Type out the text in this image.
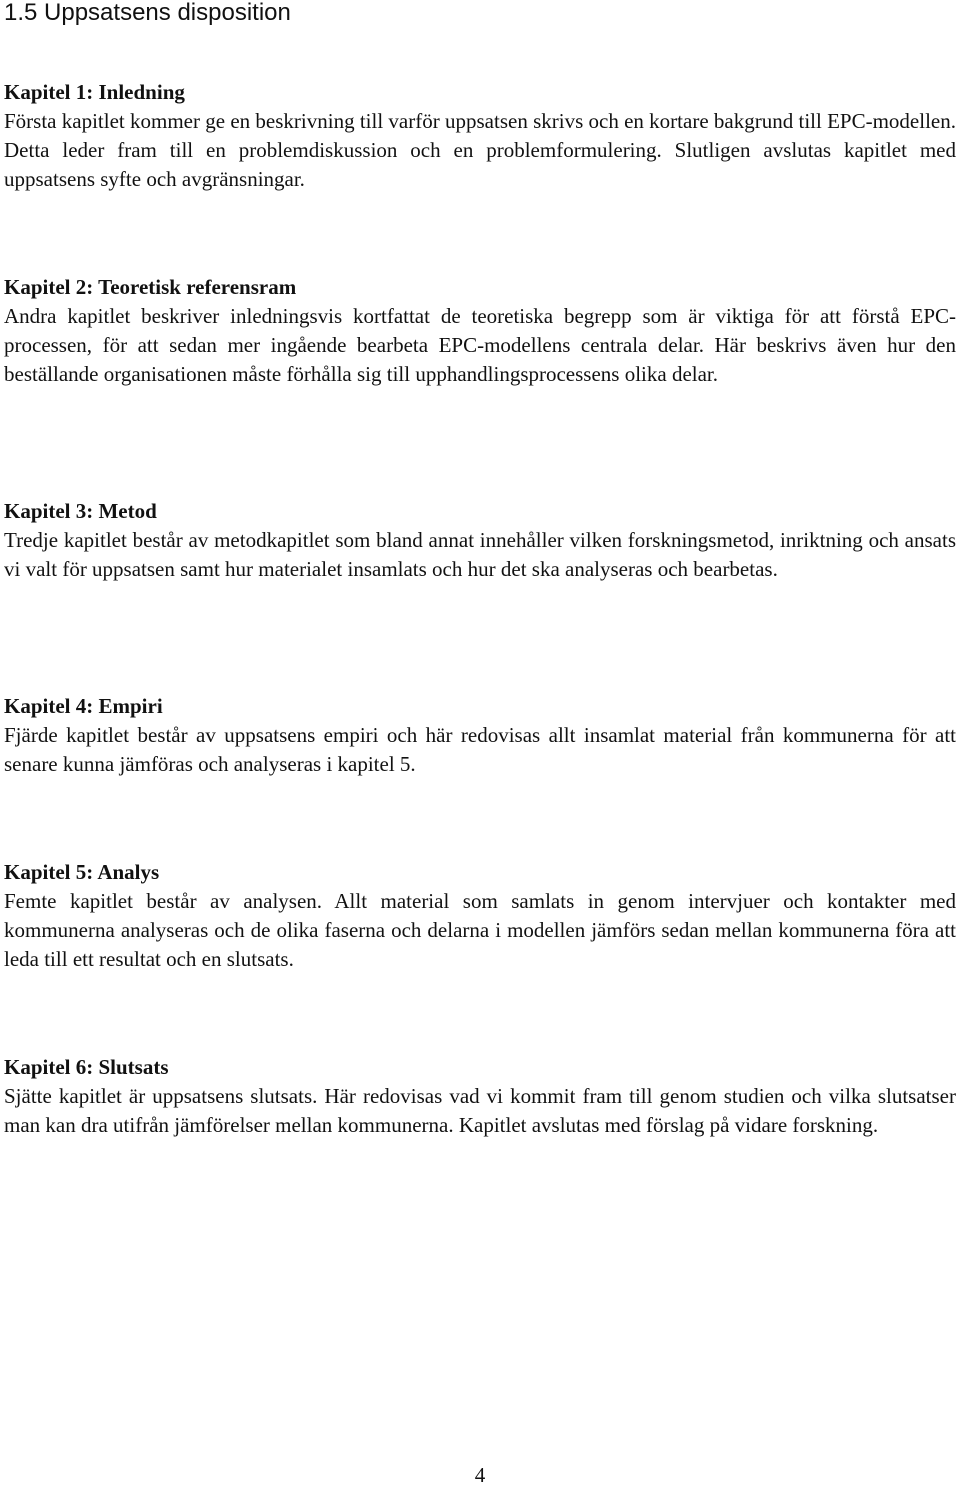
1.5 Uppsatsens disposition
Kapitel 1: Inledning

Första kapitlet kommer ge en beskrivning till varför uppsatsen skrivs och en kortare bakgrund till EPC-modellen. Detta leder fram till en problemdiskussion och en problemformulering. Slutligen avslutas kapitlet med uppsatsens syfte och avgränsningar.

Kapitel 2: Teoretisk referensram

Andra kapitlet beskriver inledningsvis kortfattat de teoretiska begrepp som är viktiga för att förstå EPC-processen, för att sedan mer ingående bearbeta EPC-modellens centrala delar. Här beskrivs även hur den beställande organisationen måste förhålla sig till upphandlingsprocessens olika delar.

Kapitel 3: Metod

Tredje kapitlet består av metodkapitlet som bland annat innehåller vilken forskningsmetod, inriktning och ansats vi valt för uppsatsen samt hur materialet insamlats och hur det ska analyseras och bearbetas.

Kapitel 4: Empiri

Fjärde kapitlet består av uppsatsens empiri och här redovisas allt insamlat material från kommunerna för att senare kunna jämföras och analyseras i kapitel 5.

Kapitel 5: Analys

Femte kapitlet består av analysen. Allt material som samlats in genom intervjuer och kontakter med kommunerna analyseras och de olika faserna och delarna i modellen jämförs sedan mellan kommunerna föra att leda till ett resultat och en slutsats.

Kapitel 6: Slutsats

Sjätte kapitlet är uppsatsens slutsats. Här redovisas vad vi kommit fram till genom studien och vilka slutsatser man kan dra utifrån jämförelser mellan kommunerna. Kapitlet avslutas med förslag på vidare forskning.

4
